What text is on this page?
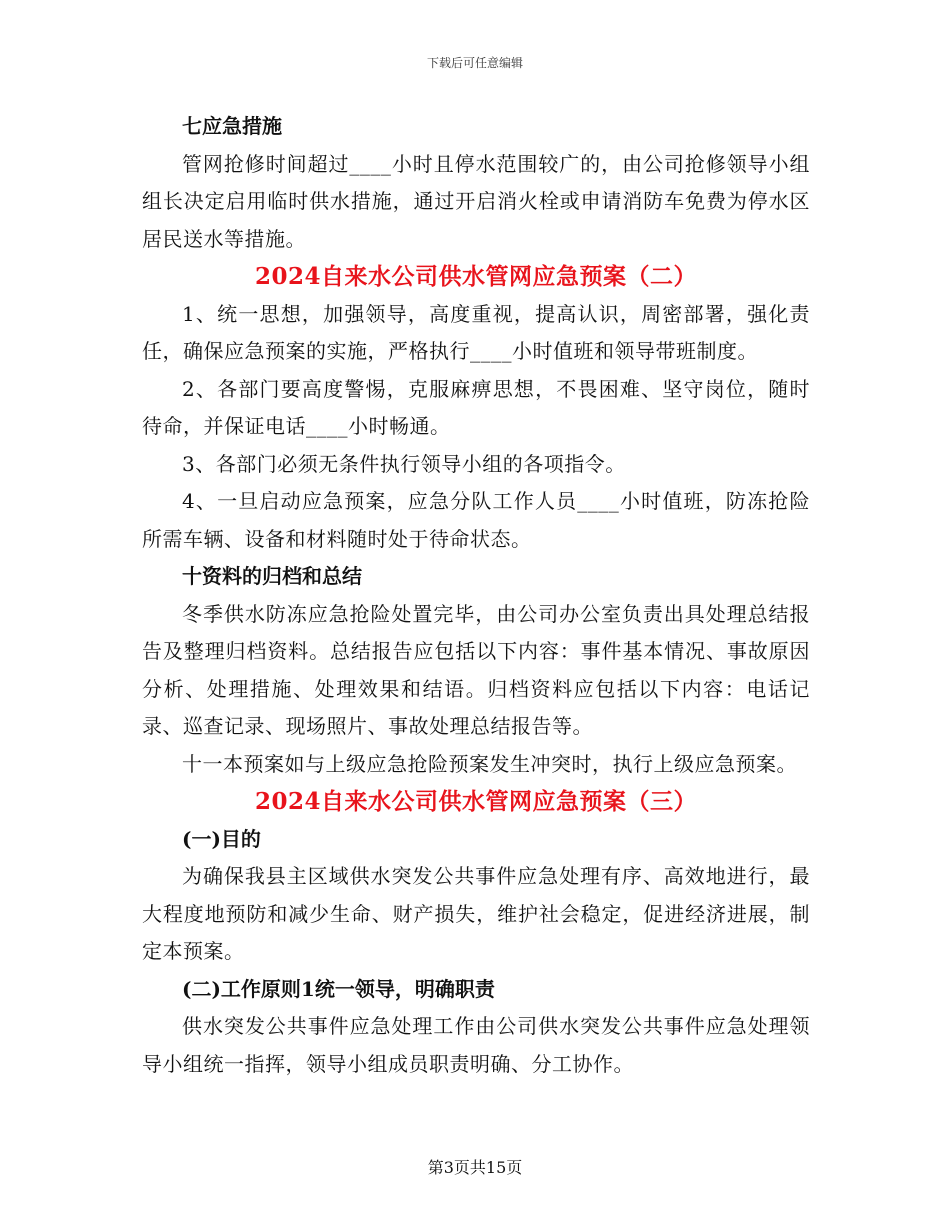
下载后可任意编辑

七应急措施

管网抢修时间超过____小时且停水范围较广的，由公司抢修领导小组组长决定启用临时供水措施，通过开启消火栓或申请消防车免费为停水区居民送水等措施。

2024自来水公司供水管网应急预案（二）

1、统一思想，加强领导，高度重视，提高认识，周密部署，强化责任，确保应急预案的实施，严格执行____小时值班和领导带班制度。

2、各部门要高度警惕，克服麻痹思想，不畏困难、坚守岗位，随时待命，并保证电话____小时畅通。

3、各部门必须无条件执行领导小组的各项指令。

4、一旦启动应急预案，应急分队工作人员____小时值班，防冻抢险所需车辆、设备和材料随时处于待命状态。

十资料的归档和总结

冬季供水防冻应急抢险处置完毕，由公司办公室负责出具处理总结报告及整理归档资料。总结报告应包括以下内容：事件基本情况、事故原因分析、处理措施、处理效果和结语。归档资料应包括以下内容：电话记录、巡查记录、现场照片、事故处理总结报告等。

十一本预案如与上级应急抢险预案发生冲突时，执行上级应急预案。

2024自来水公司供水管网应急预案（三）

(一)目的

为确保我县主区域供水突发公共事件应急处理有序、高效地进行，最大程度地预防和减少生命、财产损失，维护社会稳定，促进经济进展，制定本预案。

(二)工作原则1统一领导，明确职责

供水突发公共事件应急处理工作由公司供水突发公共事件应急处理领导小组统一指挥，领导小组成员职责明确、分工协作。

第3页共15页
